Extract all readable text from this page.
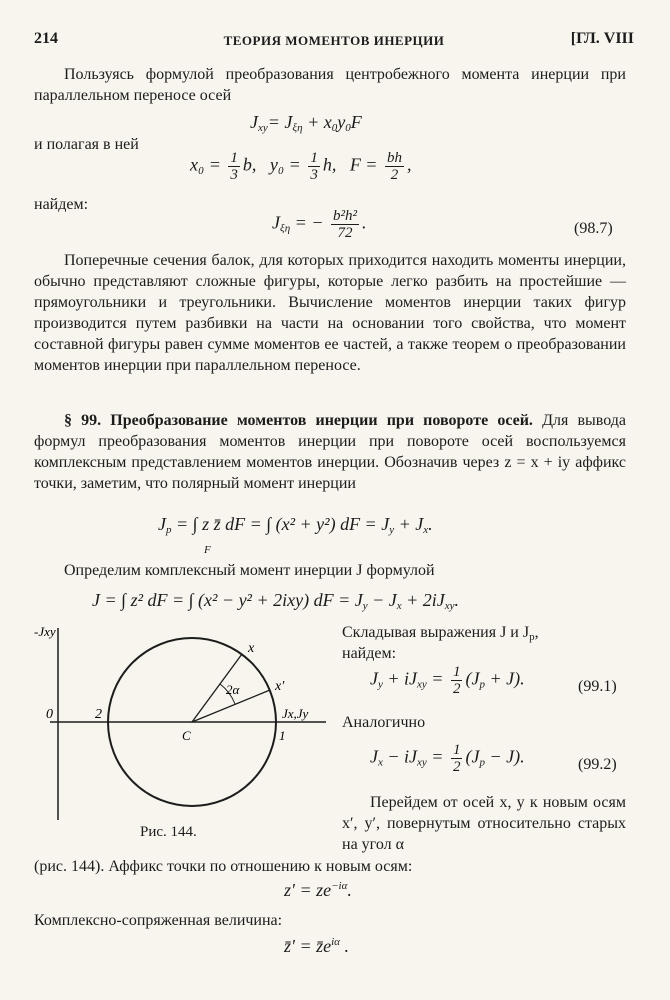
214	ТЕОРИЯ МОМЕНТОВ ИНЕРЦИИ	[ГЛ. VIII
Пользуясь формулой преобразования центробежного момента инерции при параллельном переносе осей
$J_{xy}= J_{\xi\eta} + x_0y_0F$
и полагая в ней
$x_0 = \frac{1}{3} b$, $y_0 = \frac{1}{3} h$, $F = \frac{bh}{2}$ ,
найдем:
$J_{\xi\eta}$ = − $\frac{\text{b²h²}}{72}$ .	(98.7)
Поперечные сечения балок, для которых приходится находить моменты инерции, обычно представляют сложные фигуры, которые легко разбить на простейшие — прямоугольники и треугольники. Вычисление моментов инерции таких фигур производится путем разбивки на части на основании того свойства, что момент составной фигуры равен сумме моментов ее частей, а также теорем о преобразовании моментов инерции при параллельном переносе.
§ 99. Преобразование моментов инерции при повороте осей. Для вывода формул преобразования моментов инерции при повороте осей воспользуемся комплексным представлением моментов инерции. Обозначив через z = x + iy аффикс точки, заметим, что полярный момент инерции
$J_p$ = ∫ z z̄ dF = ∫ (x² + y²) dF = $J_y + J_x$.
F
Определим комплексный момент инерции J формулой
J = ∫ z² dF = ∫ (x² − y² + 2ixy) dF = $J_y - J_x + 2iJ_{xy}$.
-Jxy
x
x′
2α
0	2
C	1
Jx,Jy
Рис. 144.
Складывая выражения J и $J_p$,
найдем:
$J_y + iJ_{xy} = \frac{1}{2} (J_p + J)$.	(99.1)
Аналогично
$J_x - iJ_{xy} = \frac{1}{2} (J_p - J)$.	(99.2)
Перейдем от осей x, y к новым осям x′, y′, повернутым относительно старых на угол α
(рис. 144). Аффикс точки по отношению к новым осям:
$z' = ze^{-i\alpha}$.
Комплексно-сопряженная величина:
z̄′ = $z̄e^{i\alpha}$ .
